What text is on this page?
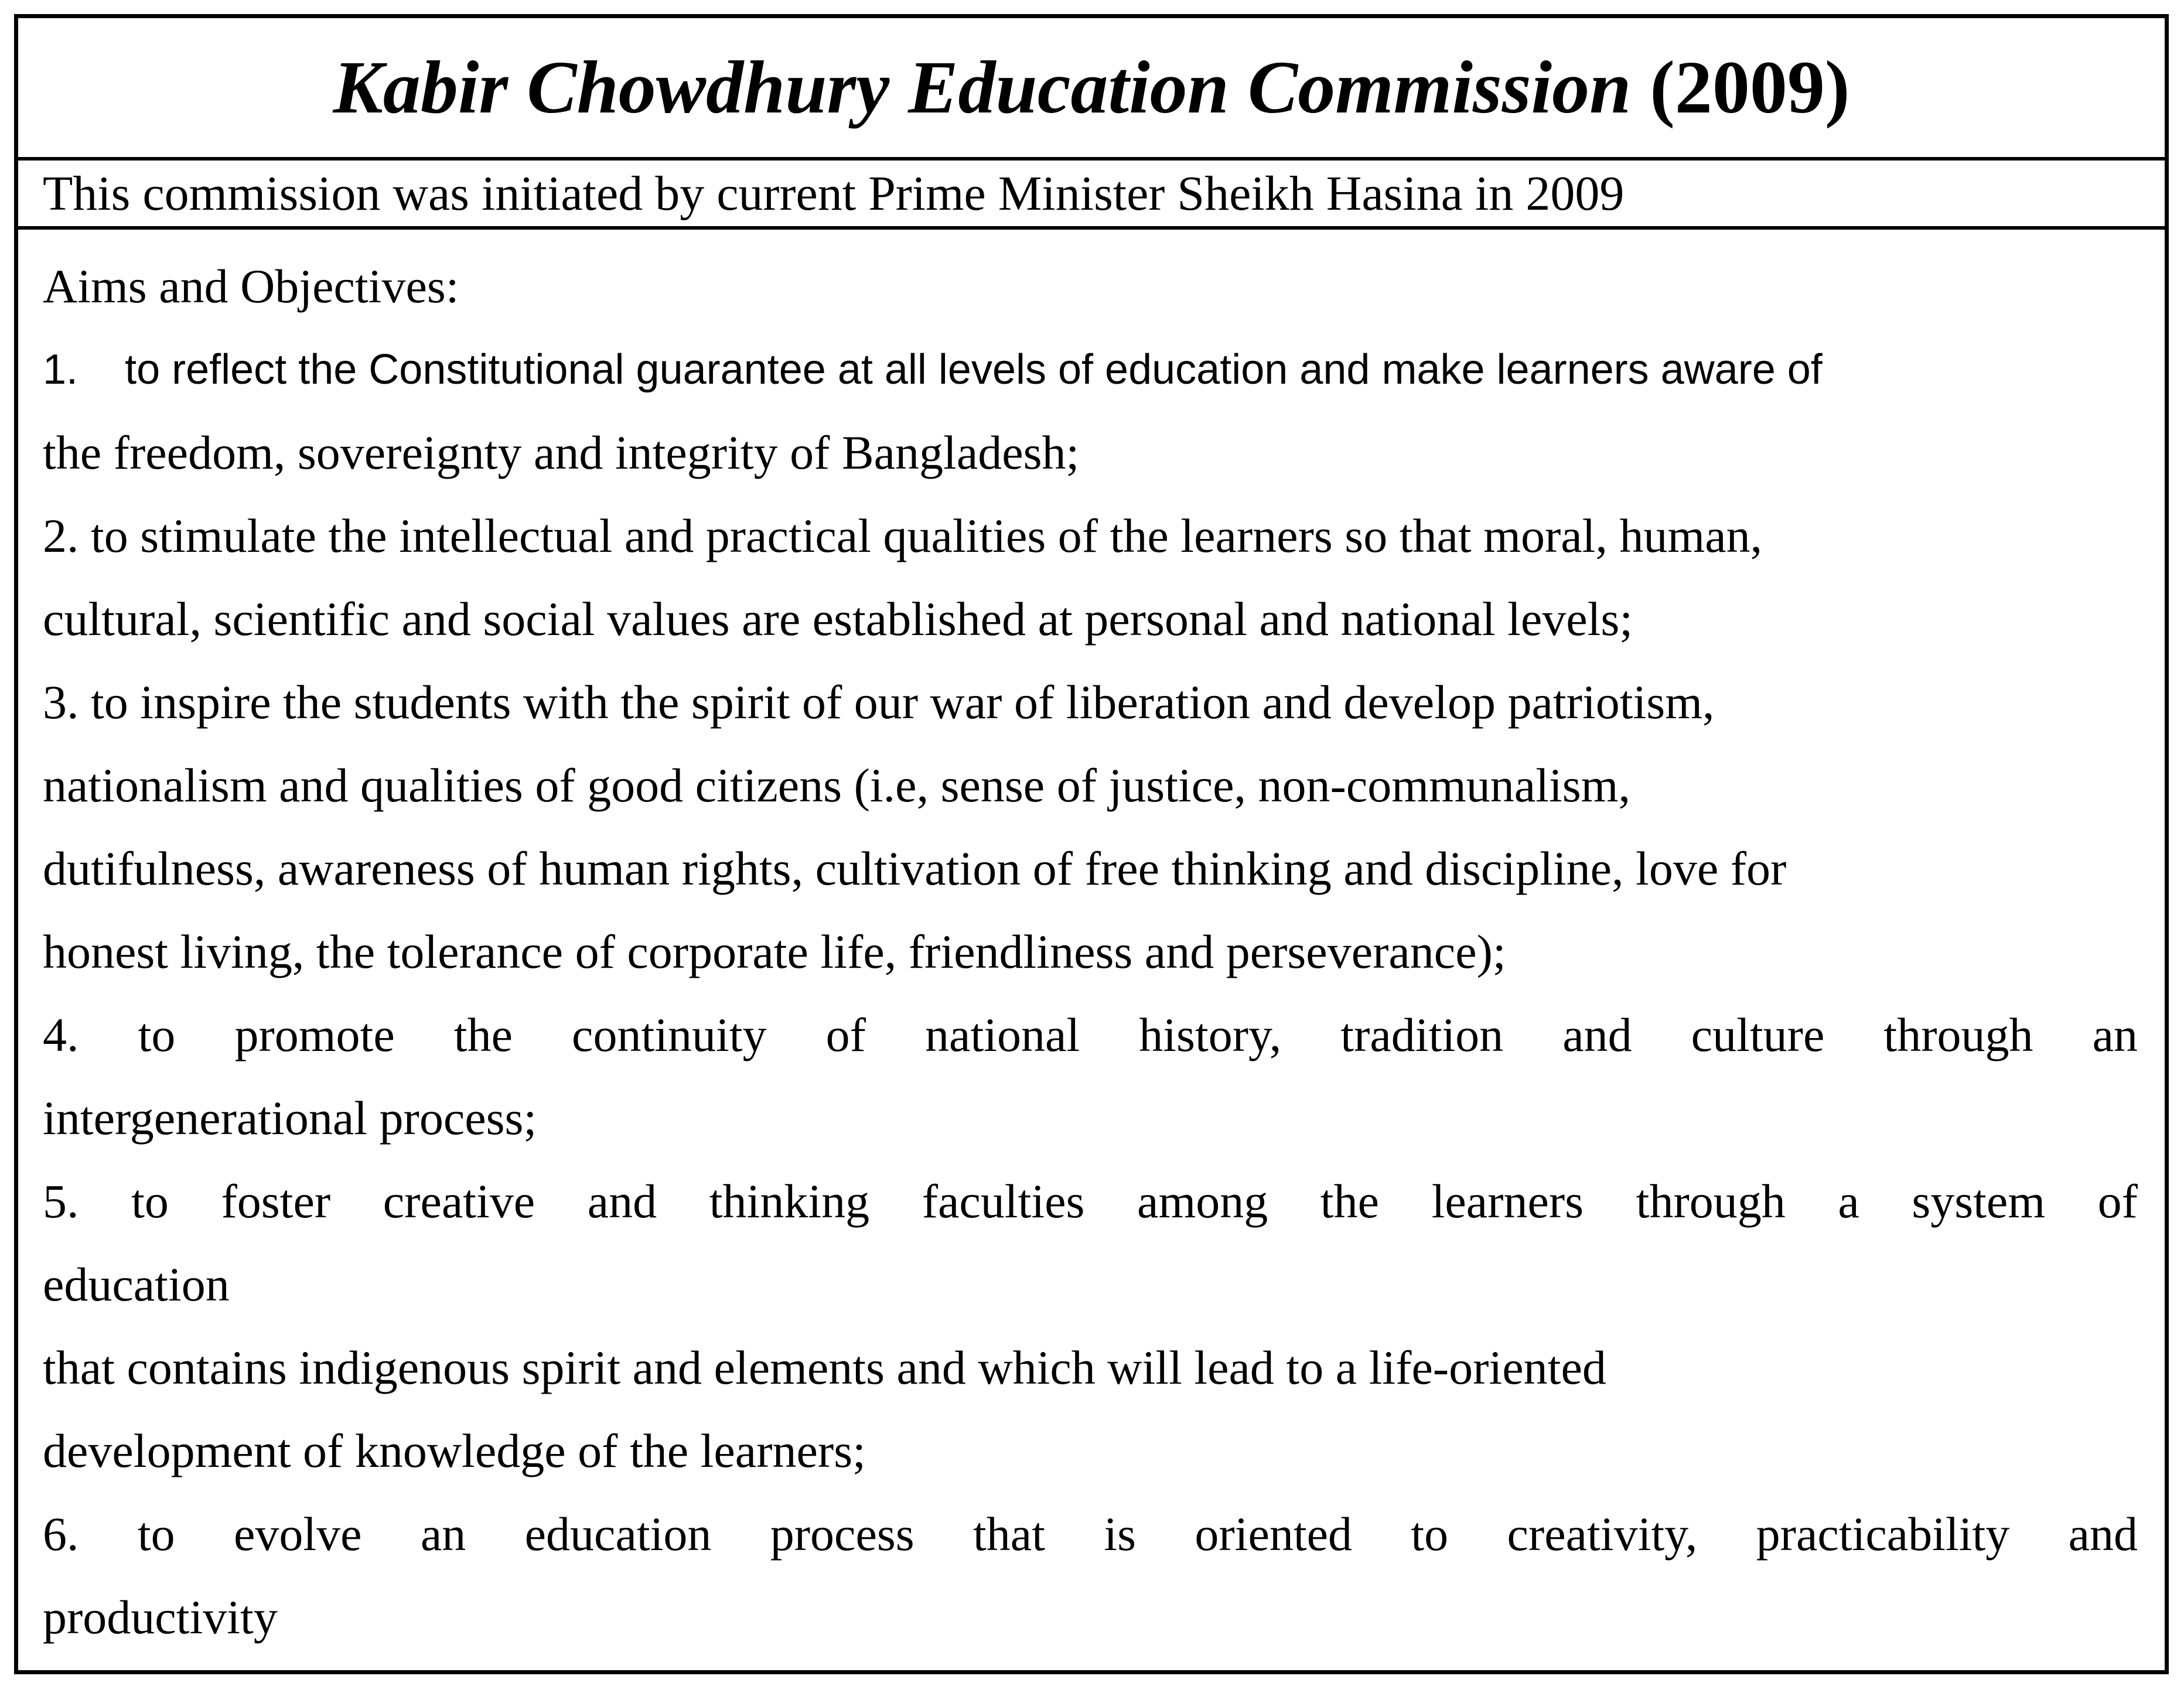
Kabir Chowdhury Education Commission (2009)
This commission was initiated by current Prime Minister Sheikh Hasina in 2009
Aims and Objectives:
1.    to reflect the Constitutional guarantee at all levels of education and make learners aware of
the freedom, sovereignty and integrity of Bangladesh;
2. to stimulate the intellectual and practical qualities of the learners so that moral, human,
cultural, scientific and social values are established at personal and national levels;
3. to inspire the students with the spirit of our war of liberation and develop patriotism,
nationalism and qualities of good citizens (i.e, sense of justice, non-communalism,
dutifulness, awareness of human rights, cultivation of free thinking and discipline, love for
honest living, the tolerance of corporate life, friendliness and perseverance);
4. to promote the continuity of national history, tradition and culture through an
intergenerational process;
5. to foster creative and thinking faculties among the learners through a system of
education
that contains indigenous spirit and elements and which will lead to a life-oriented
development of knowledge of the learners;
6. to evolve an education process that is oriented to creativity, practicability and
productivity
